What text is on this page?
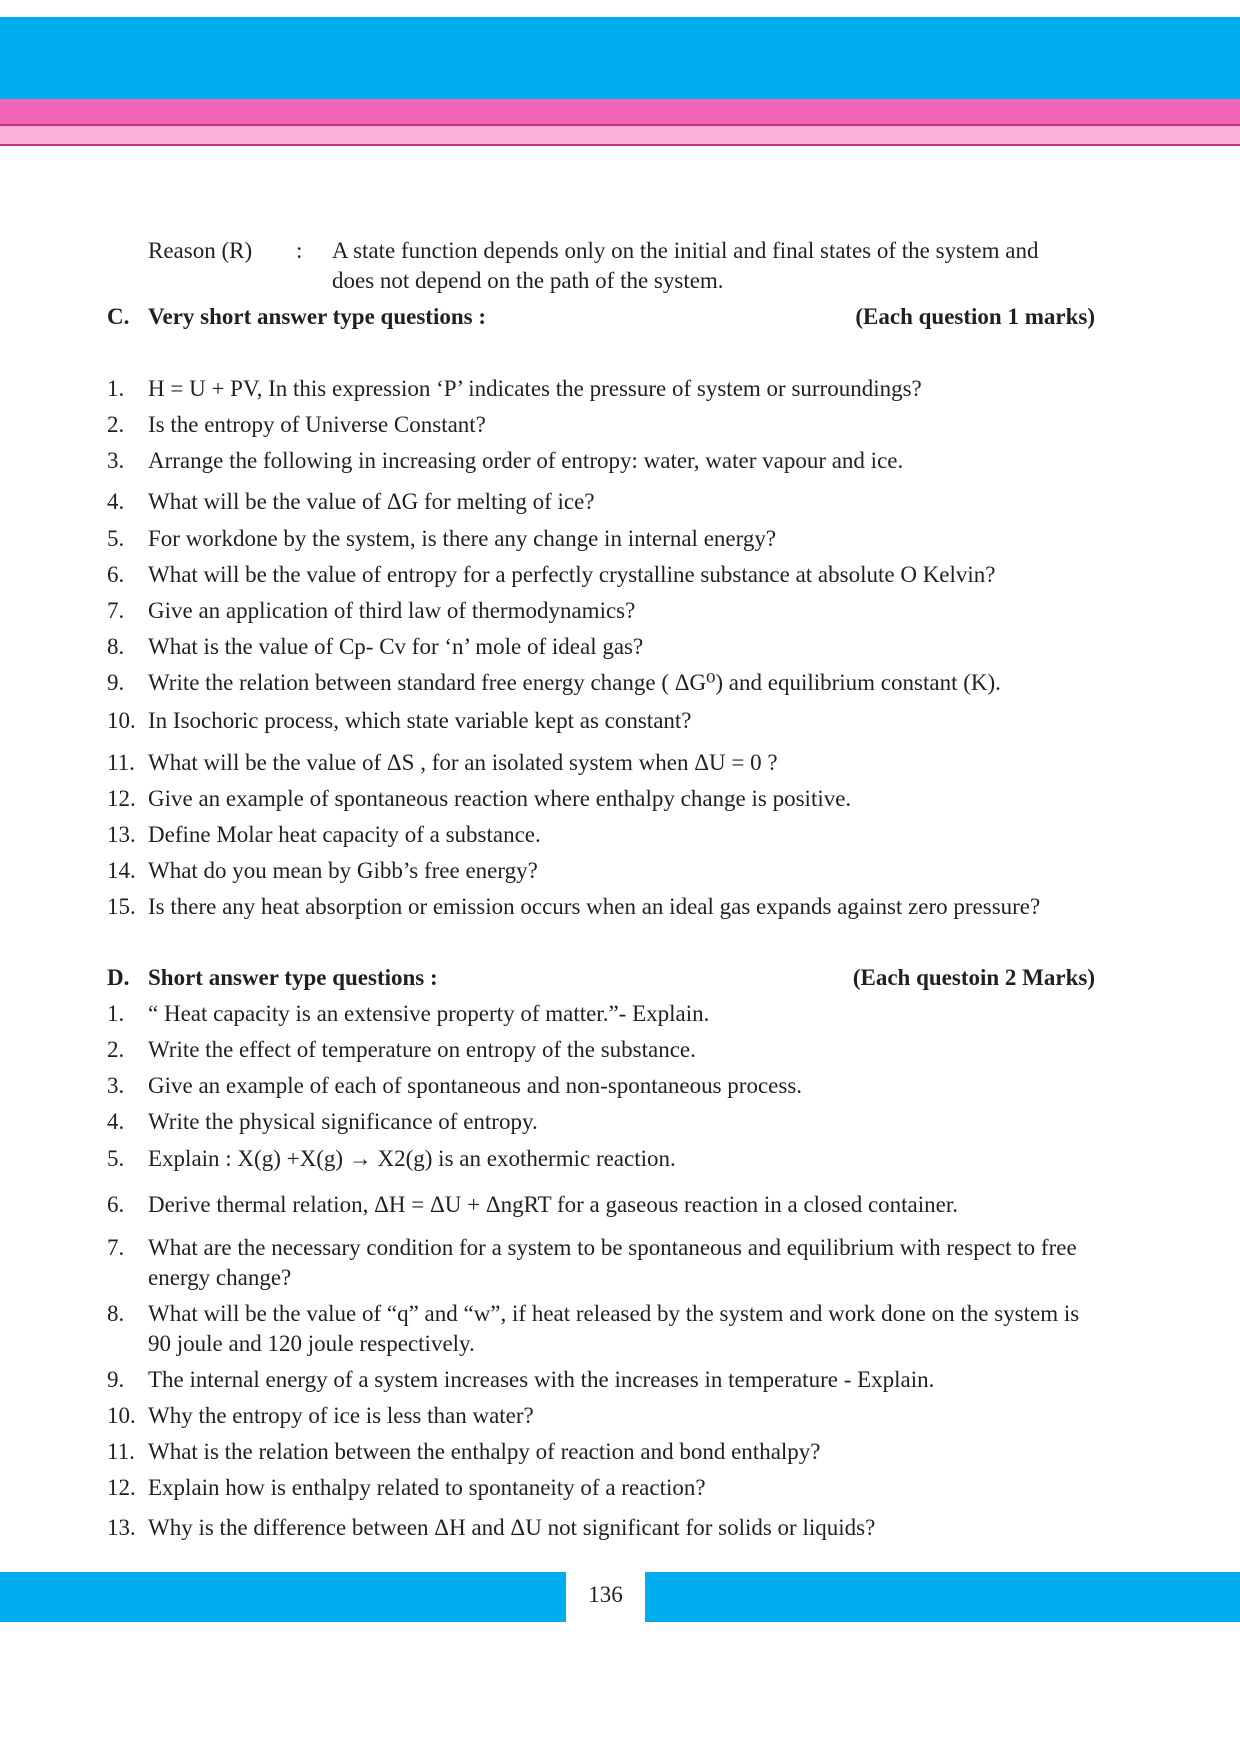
Reason (R) : A state function depends only on the initial and final states of the system and
does not depend on the path of the system.
C. Very short answer type questions :	(Each question 1 marks)
1. H = U + PV, In this expression ‘P’ indicates the pressure of system or surroundings?
2. Is the entropy of Universe Constant?
3. Arrange the following in increasing order of entropy: water, water vapour and ice.
4. What will be the value of ΔG for melting of ice?
5. For workdone by the system, is there any change in internal energy?
6. What will be the value of entropy for a perfectly crystalline substance at absolute O Kelvin?
7. Give an application of third law of thermodynamics?
8. What is the value of Cp- Cv for ‘n’ mole of ideal gas?
9. Write the relation between standard free energy change ( ΔG⁰) and equilibrium constant (K).
10. In Isochoric process, which state variable kept as constant?
11. What will be the value of ΔS , for an isolated system when ΔU = 0 ?
12. Give an example of spontaneous reaction where enthalpy change is positive.
13. Define Molar heat capacity of a substance.
14. What do you mean by Gibb’s free energy?
15. Is there any heat absorption or emission occurs when an ideal gas expands against zero pressure?
D. Short answer type questions :	(Each questoin 2 Marks)
1. “ Heat capacity is an extensive property of matter.”- Explain.
2. Write the effect of temperature on entropy of the substance.
3. Give an example of each of spontaneous and non-spontaneous process.
4. Write the physical significance of entropy.
5. Explain : X(g) +X(g) → X2(g) is an exothermic reaction.
6. Derive thermal relation, ΔH = ΔU + ΔngRT for a gaseous reaction in a closed container.
7. What are the necessary condition for a system to be spontaneous and equilibrium with respect to free energy change?
8. What will be the value of “q” and “w”, if heat released by the system and work done on the system is 90 joule and 120 joule respectively.
9. The internal energy of a system increases with the increases in temperature - Explain.
10. Why the entropy of ice is less than water?
11. What is the relation between the enthalpy of reaction and bond enthalpy?
12. Explain how is enthalpy related to spontaneity of a reaction?
13. Why is the difference between ΔH and ΔU not significant for solids or liquids?
136
